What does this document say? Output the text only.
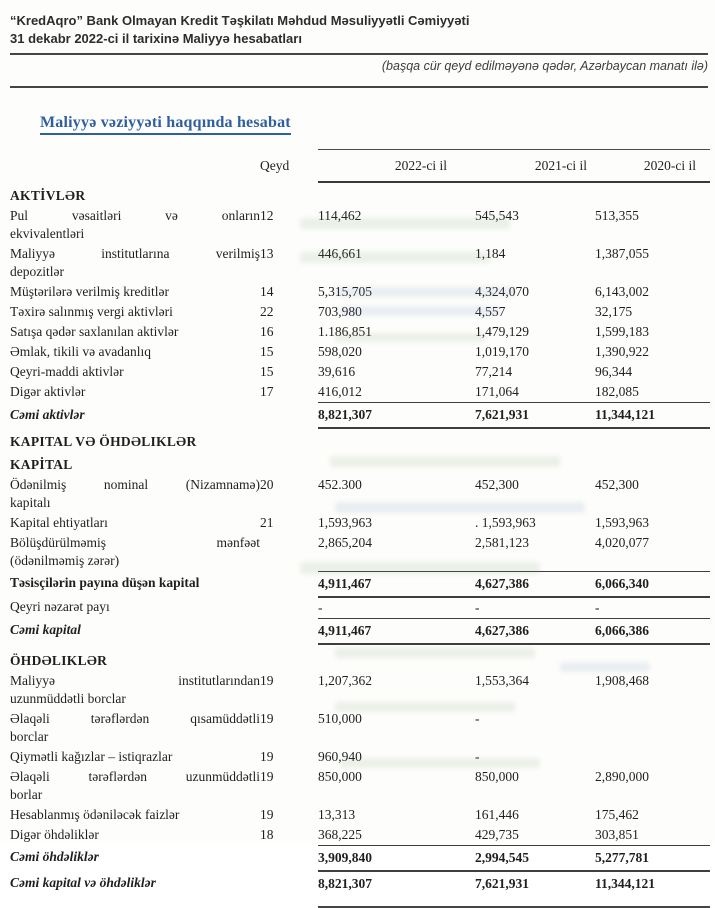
“KredAqro” Bank Olmayan Kredit Təşkilatı Məhdud Məsuliyyətli Cəmiyyəti
31 dekabr 2022-ci il tarixinə Maliyyə hesabatları
(başqa cür qeyd edilməyənə qədər, Azərbaycan manatı ilə)
Maliyyə vəziyyəti haqqında hesabat
	Qeyd	2022-ci il	2021-ci il	2020-ci il
AKTİVLƏR				

Pul vəsaitləri və onların
ekvivalentləri	12	114,462	545,543	513,355

Maliyyə institutlarına verilmiş
depozitlər	13	446,661	1,184	1,387,055

Müştərilərə verilmiş kreditlər	14	5,315,705	4,324,070	6,143,002

Təxirə salınmış vergi aktivləri	22	703,980	4,557	32,175

Satışa qədər saxlanılan aktivlər	16	1.186,851	1,479,129	1,599,183

Əmlak, tikili və avadanlıq	15	598,020	1,019,170	1,390,922

Qeyri-maddi aktivlər	15	39,616	77,214	96,344

Digər aktivlər	17	416,012	171,064	182,085

Cəmi aktivlər		8,821,307	7,621,931	11,344,121
KAPITAL VƏ ÖHDƏLIKLƏR				
KAPİTAL				

Ödənilmiş nominal (Nizamnamə)
kapitalı	20	452.300	452,300	452,300

Kapital ehtiyatları	21	1,593,963	. 1,593,963	1,593,963

Bölüşdürülməmiş mənfəət
(ödənilməmiş zərər)		2,865,204	2,581,123	4,020,077

Təsisçilərin payına düşən kapital		4,911,467	4,627,386	6,066,340

Qeyri nəzarət payı		-	-	-

Cəmi kapital		4,911,467	4,627,386	6,066,386
ÖHDƏLIKLƏR				

Maliyyə institutlarından
uzunmüddətli borclar	19	1,207,362	1,553,364	1,908,468

Əlaqəli tərəflərdən qısamüddətli
borclar	19	510,000	-	

Qiymətli kağızlar – istiqrazlar	19	960,940	-	

Əlaqəli tərəflərdən uzunmüddətli
borlar	19	850,000	850,000	2,890,000

Hesablanmış ödəniləcək faizlər	19	13,313	161,446	175,462

Digər öhdəliklər	18	368,225	429,735	303,851

Cəmi öhdəliklər		3,909,840	2,994,545	5,277,781

Cəmi kapital və öhdəliklər		8,821,307	7,621,931	11,344,121
